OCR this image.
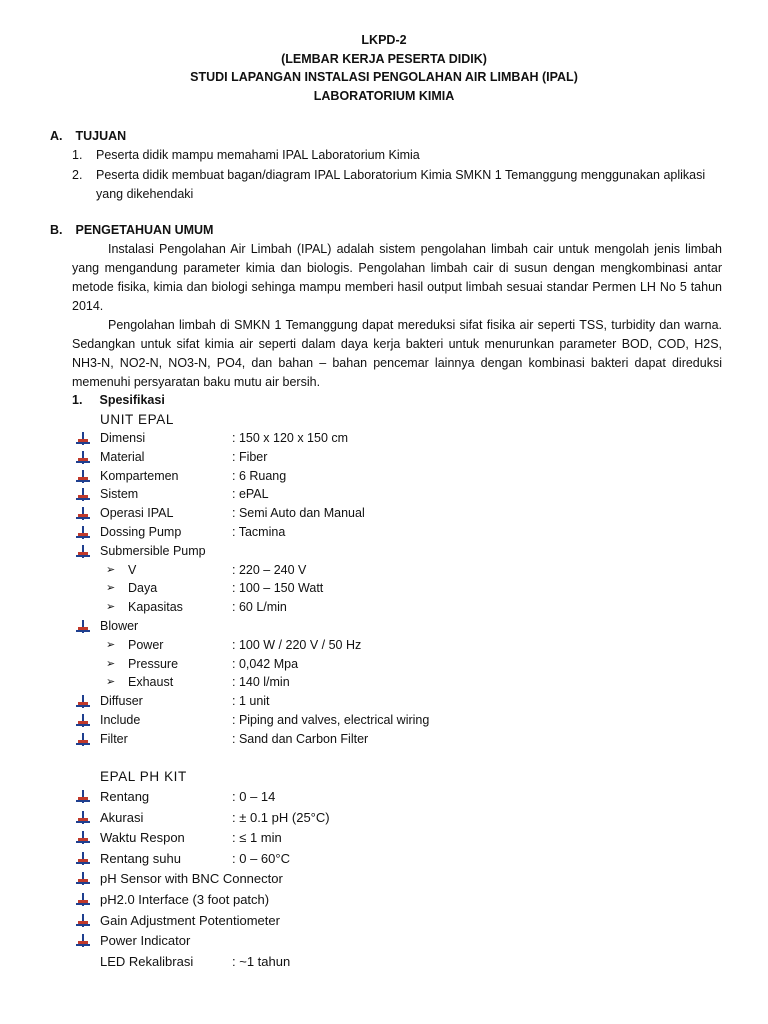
LKPD-2
(LEMBAR KERJA PESERTA DIDIK)
STUDI LAPANGAN INSTALASI PENGOLAHAN AIR LIMBAH (IPAL)
LABORATORIUM KIMIA
A. TUJUAN
1. Peserta didik mampu memahami IPAL Laboratorium Kimia
2. Peserta didik membuat bagan/diagram IPAL Laboratorium Kimia SMKN 1 Temanggung menggunakan aplikasi yang dikehendaki
B. PENGETAHUAN UMUM
Instalasi Pengolahan Air Limbah (IPAL) adalah sistem pengolahan limbah cair untuk mengolah jenis limbah yang mengandung parameter kimia dan biologis. Pengolahan limbah cair di susun dengan mengkombinasi antar metode fisika, kimia dan biologi sehinga mampu memberi hasil output limbah sesuai standar Permen LH No 5 tahun 2014.
Pengolahan limbah di SMKN 1 Temanggung dapat mereduksi sifat fisika air seperti TSS, turbidity dan warna. Sedangkan untuk sifat kimia air seperti dalam daya kerja bakteri untuk menurunkan parameter BOD, COD, H2S, NH3-N, NO2-N, NO3-N, PO4, dan bahan – bahan pencemar lainnya dengan kombinasi bakteri dapat direduksi memenuhi persyaratan baku mutu air bersih.
1. Spesifikasi
UNIT EPAL
Dimensi	: 150 x 120 x 150 cm
Material	: Fiber
Kompartemen	: 6 Ruang
Sistem	: ePAL
Operasi IPAL	: Semi Auto dan Manual
Dossing Pump	: Tacmina
Submersible Pump
➢ V	: 220 – 240 V
➢ Daya	: 100 – 150 Watt
➢ Kapasitas	: 60 L/min
Blower
➢ Power	: 100 W / 220 V / 50 Hz
➢ Pressure	: 0,042 Mpa
➢ Exhaust	: 140 l/min
Diffuser	: 1 unit
Include	: Piping and valves, electrical wiring
Filter	: Sand dan Carbon Filter
EPAL PH KIT
Rentang	: 0 – 14
Akurasi	: ± 0.1 pH (25°C)
Waktu Respon	: ≤ 1 min
Rentang suhu	: 0 – 60°C
pH Sensor with BNC Connector
pH2.0 Interface (3 foot patch)
Gain Adjustment Potentiometer
Power Indicator
LED Rekalibrasi	: ~1 tahun
